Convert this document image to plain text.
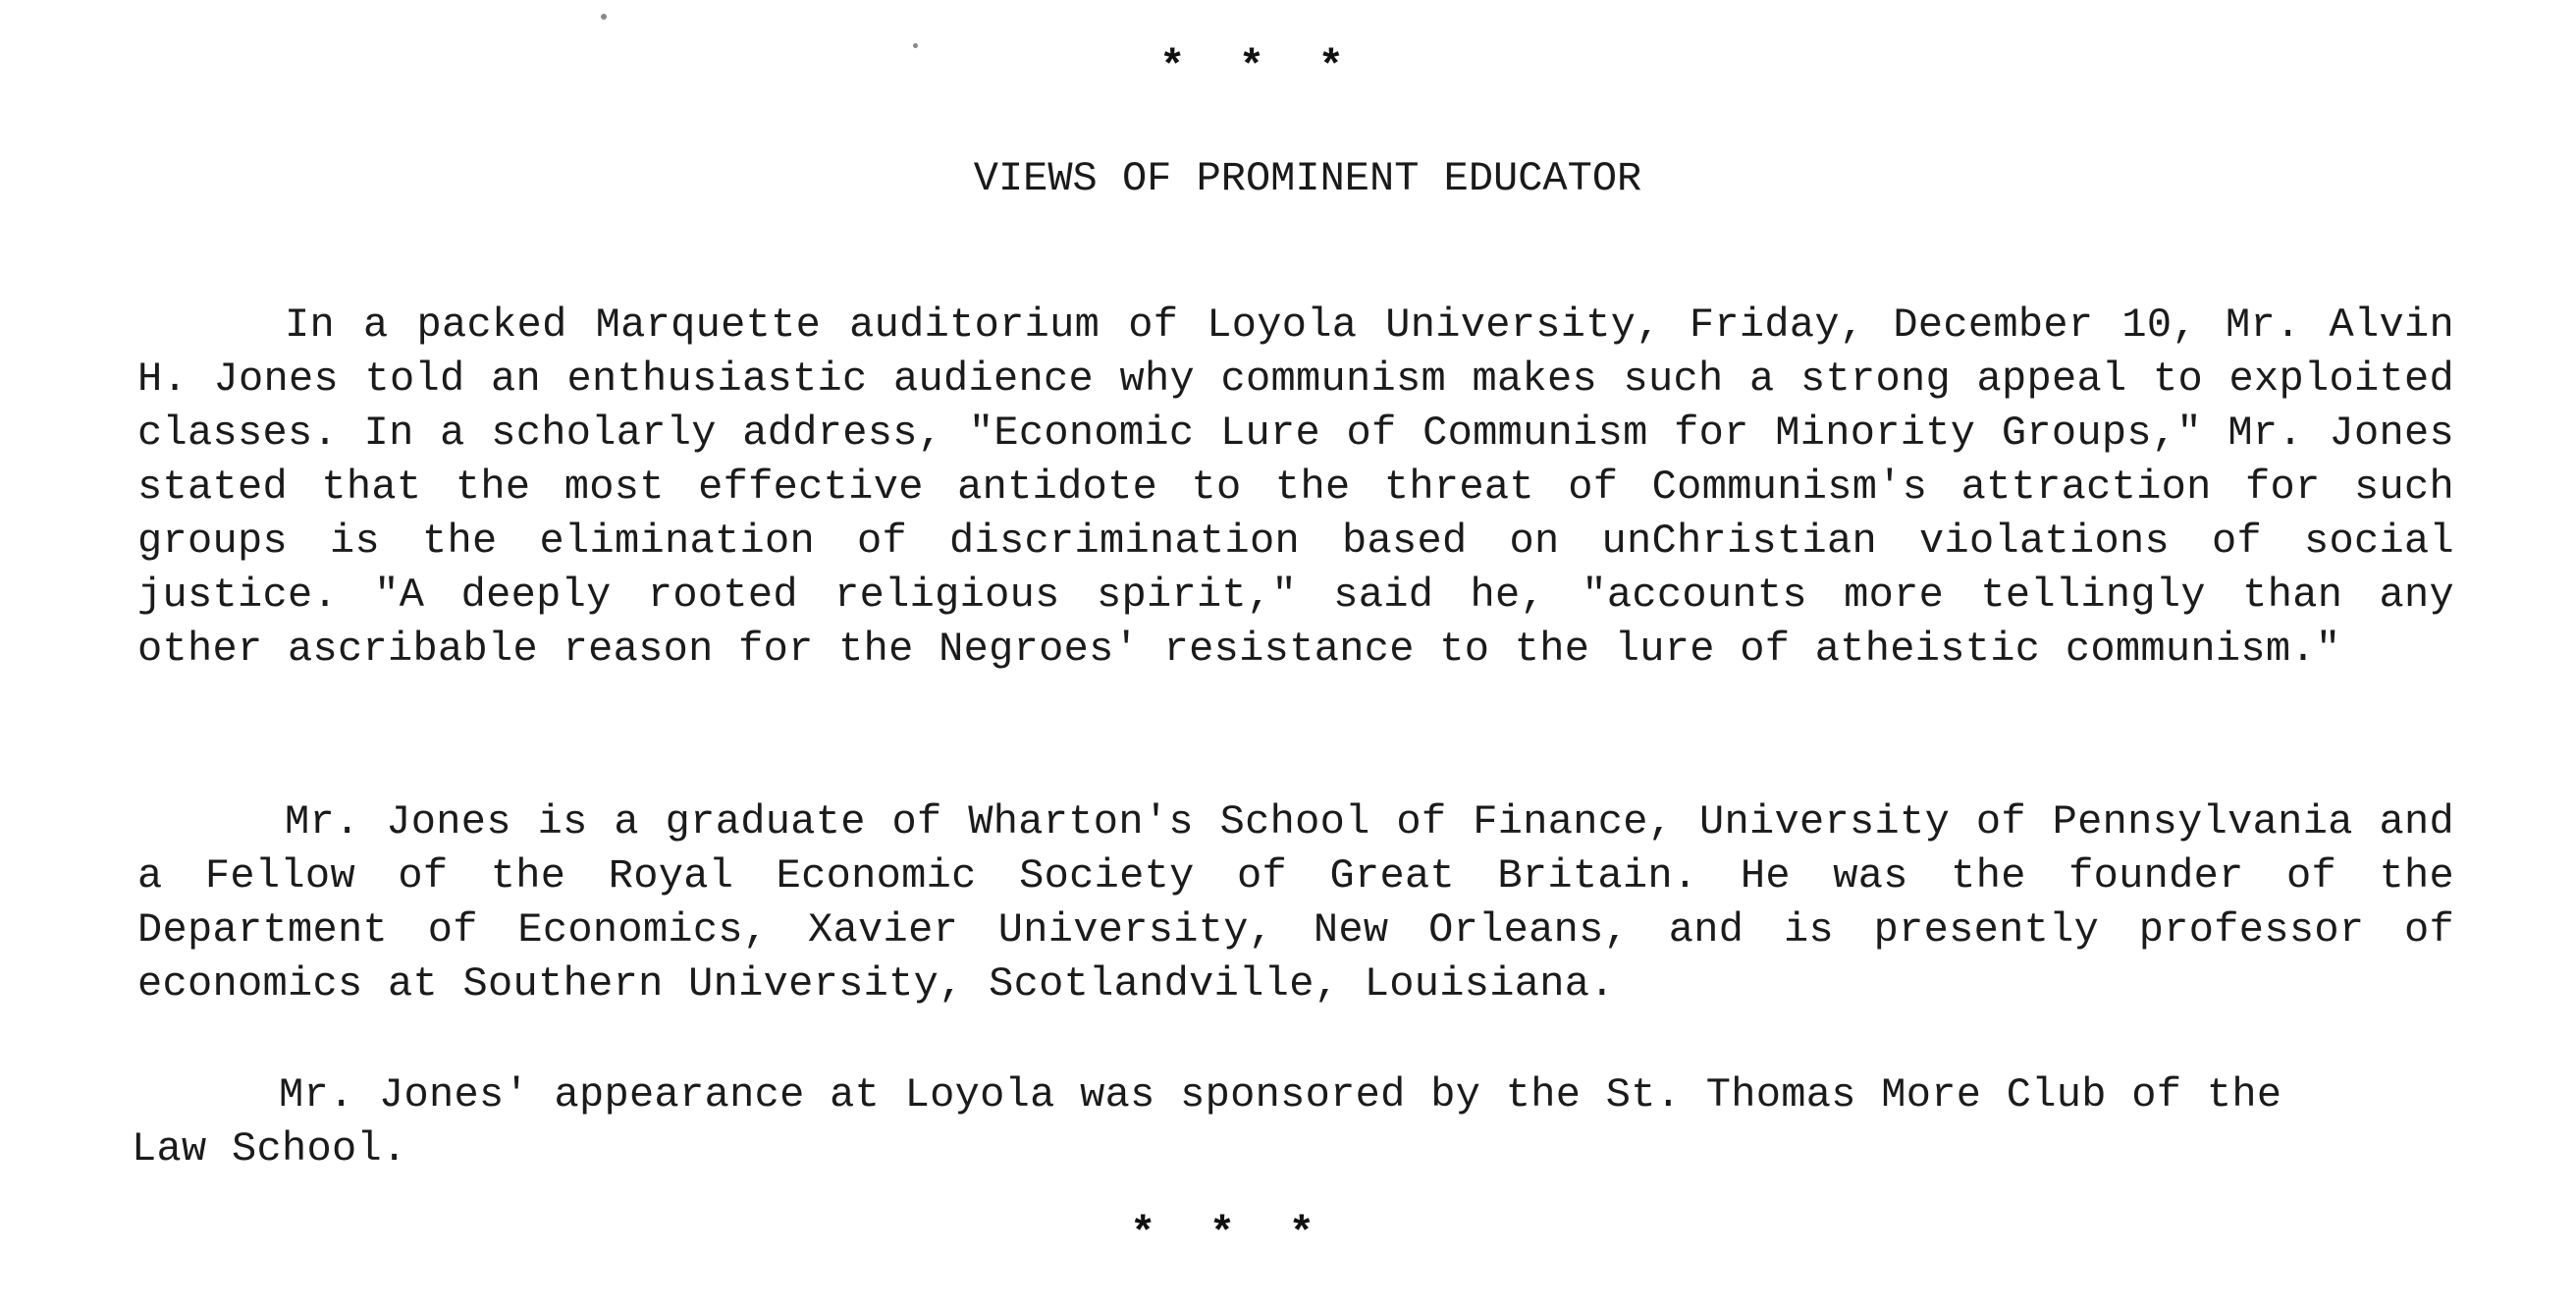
* * *
VIEWS OF PROMINENT EDUCATOR

In a packed Marquette auditorium of Loyola University, Friday, December 10, Mr. Alvin H. Jones told an enthusiastic audience why communism makes such a strong appeal to exploited classes. In a scholarly address, "Economic Lure of Communism for Minority Groups," Mr. Jones stated that the most effective antidote to the threat of Communism's attraction for such groups is the elimination of discrimination based on unChristian violations of social justice. "A deeply rooted religious spirit," said he, "accounts more tellingly than any other ascribable reason for the Negroes' resistance to the lure of atheistic communism."

Mr. Jones is a graduate of Wharton's School of Finance, University of Pennsylvania and a Fellow of the Royal Economic Society of Great Britain. He was the founder of the Department of Economics, Xavier University, New Orleans, and is presently professor of economics at Southern University, Scotlandville, Louisiana.

Mr. Jones' appearance at Loyola was sponsored by the St. Thomas More Club of the Law School.

* * *
